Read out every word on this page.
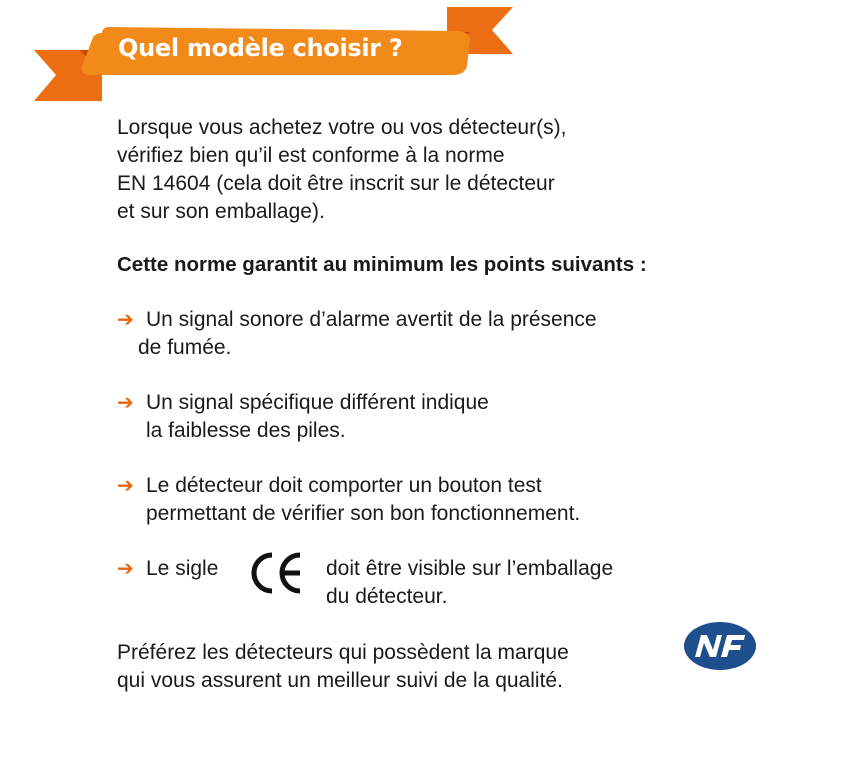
Quel modèle choisir ?

Lorsque vous achetez votre ou vos détecteur(s),
vérifiez bien qu’il est conforme à la norme
EN 14604 (cela doit être inscrit sur le détecteur
et sur son emballage).

Cette norme garantit au minimum les points suivants :

➔ Un signal sonore d’alarme avertit de la présence
de fumée.
➔ Un signal spécifique différent indique
la faiblesse des piles.
➔ Le détecteur doit comporter un bouton test
permettant de vérifier son bon fonctionnement.
➔ Le sigle	doit être visible sur l’emballage
du détecteur.

Préférez les détecteurs qui possèdent la marque
qui vous assurent un meilleur suivi de la qualité.
